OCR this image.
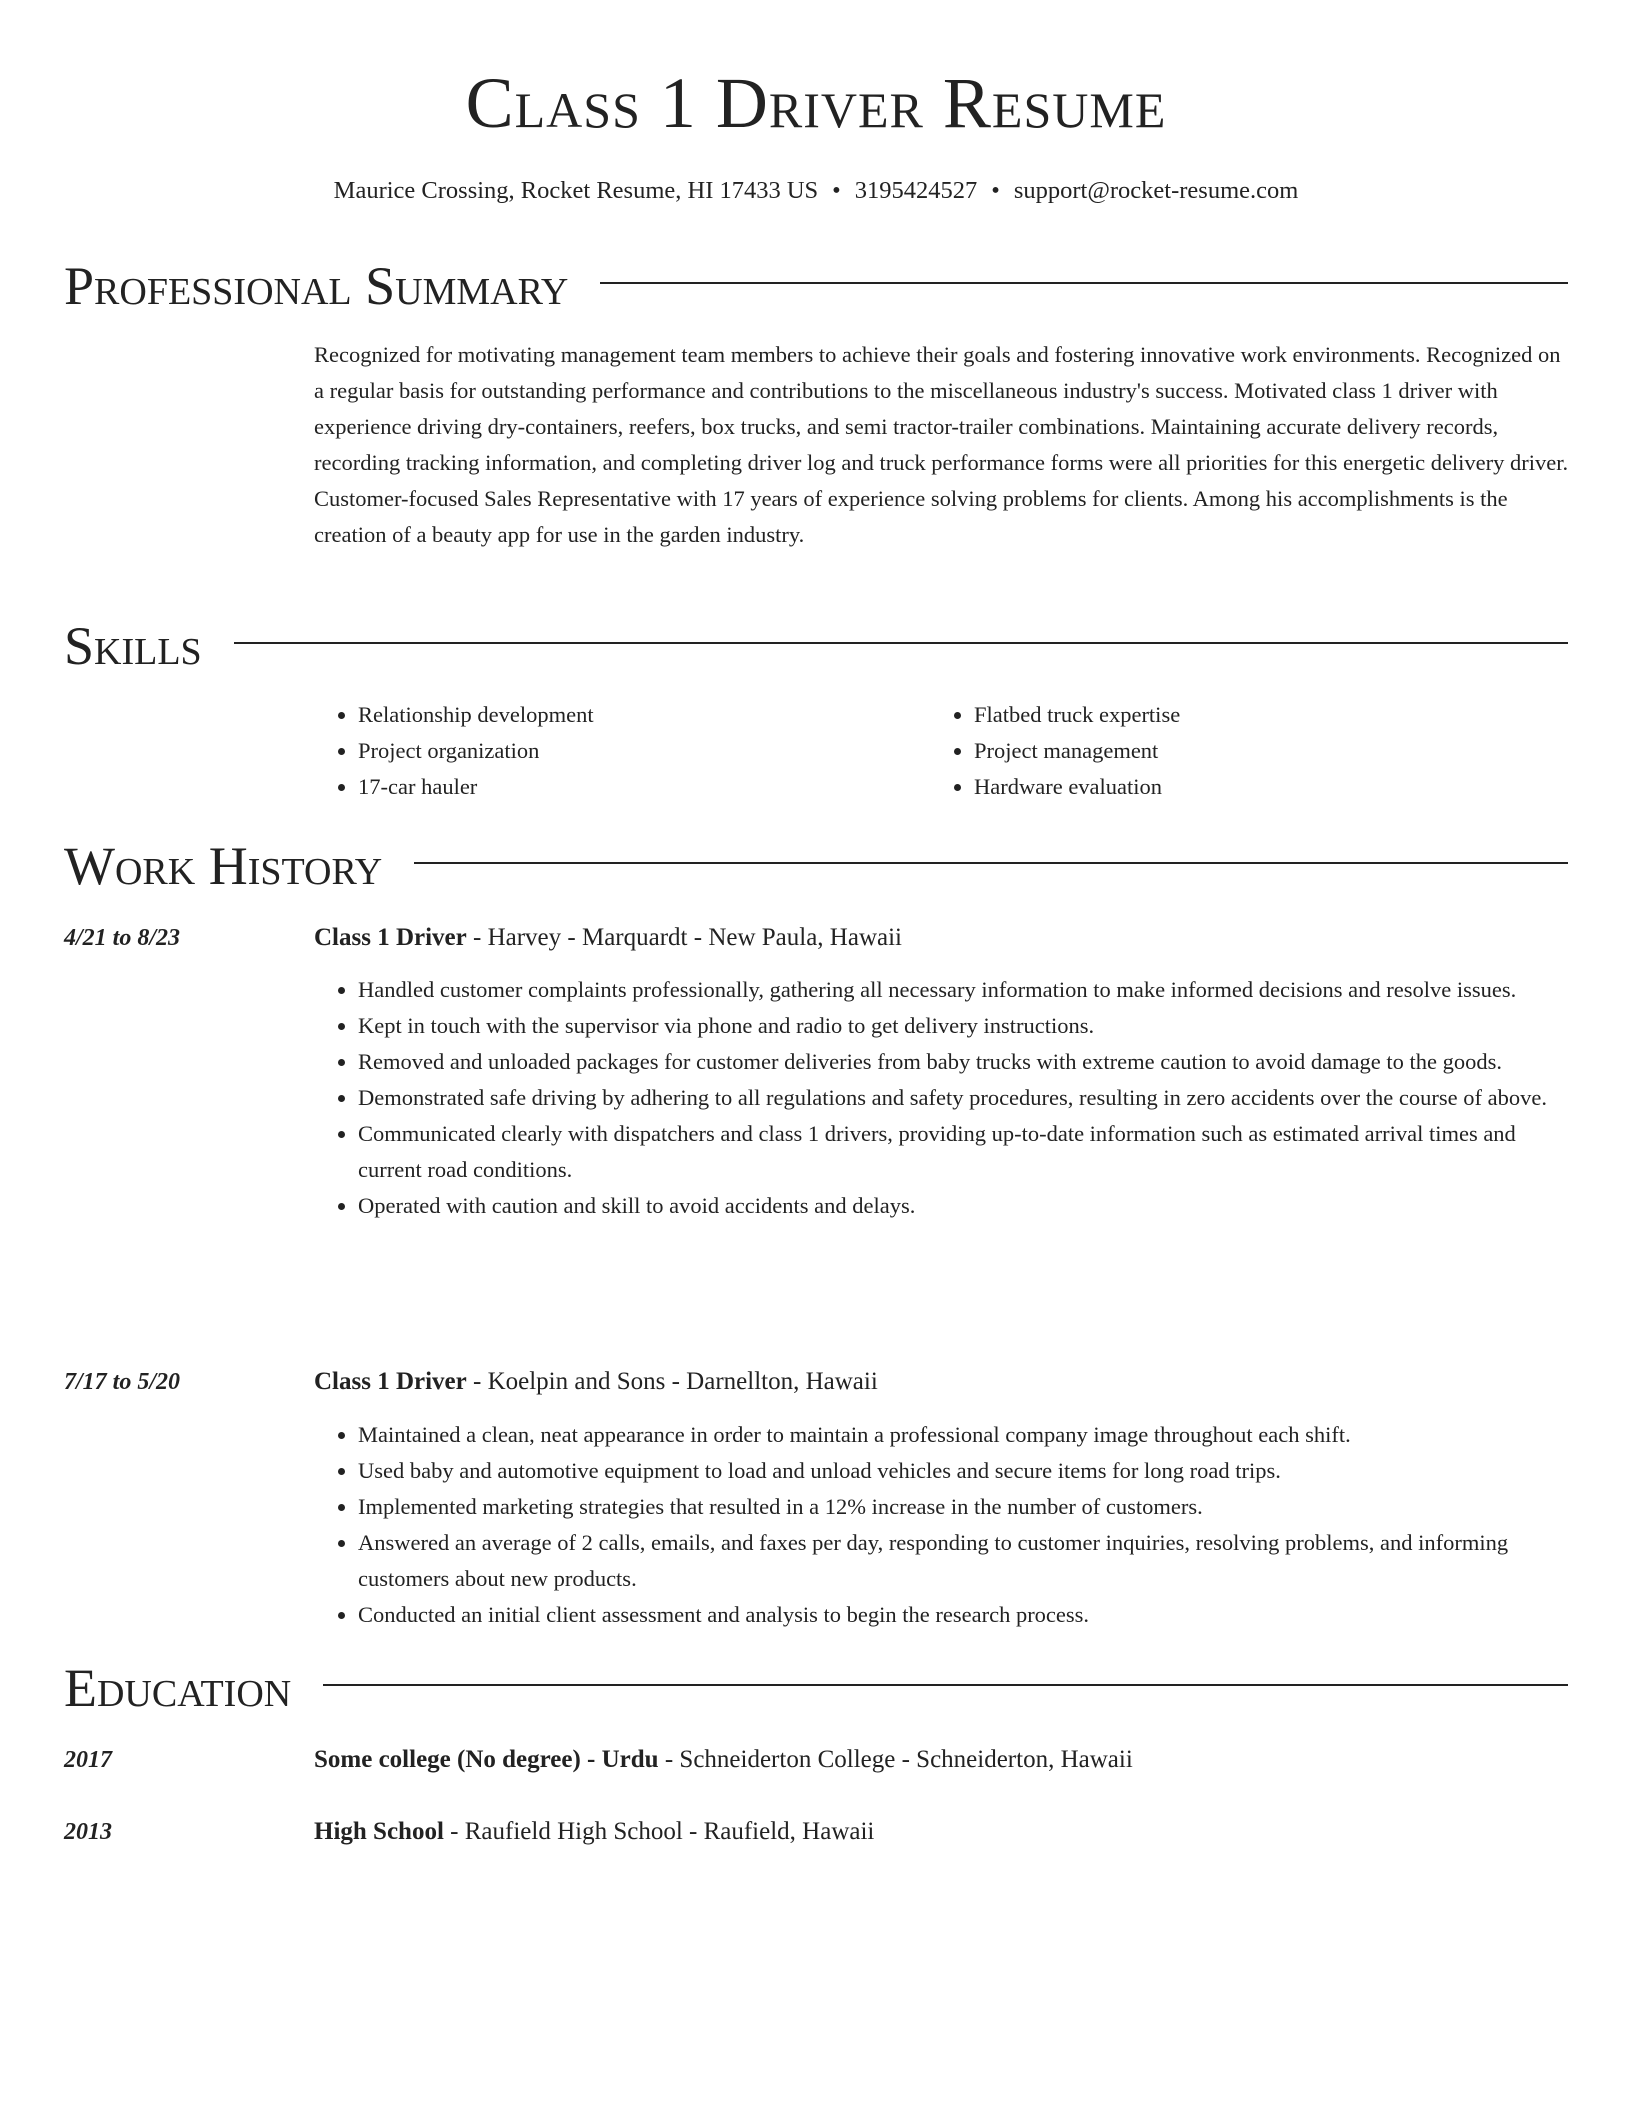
Class 1 Driver Resume
Maurice Crossing, Rocket Resume, HI 17433 US • 3195424527 • support@rocket-resume.com
Professional Summary
Recognized for motivating management team members to achieve their goals and fostering innovative work environments. Recognized on a regular basis for outstanding performance and contributions to the miscellaneous industry's success. Motivated class 1 driver with experience driving dry-containers, reefers, box trucks, and semi tractor-trailer combinations. Maintaining accurate delivery records, recording tracking information, and completing driver log and truck performance forms were all priorities for this energetic delivery driver. Customer-focused Sales Representative with 17 years of experience solving problems for clients. Among his accomplishments is the creation of a beauty app for use in the garden industry.
Skills
• Relationship development
• Project organization
• 17-car hauler
• Flatbed truck expertise
• Project management
• Hardware evaluation
Work History
4/21 to 8/23	Class 1 Driver - Harvey - Marquardt - New Paula, Hawaii
• Handled customer complaints professionally, gathering all necessary information to make informed decisions and resolve issues.
• Kept in touch with the supervisor via phone and radio to get delivery instructions.
• Removed and unloaded packages for customer deliveries from baby trucks with extreme caution to avoid damage to the goods.
• Demonstrated safe driving by adhering to all regulations and safety procedures, resulting in zero accidents over the course of above.
• Communicated clearly with dispatchers and class 1 drivers, providing up-to-date information such as estimated arrival times and current road conditions.
• Operated with caution and skill to avoid accidents and delays.
7/17 to 5/20	Class 1 Driver - Koelpin and Sons - Darnellton, Hawaii
• Maintained a clean, neat appearance in order to maintain a professional company image throughout each shift.
• Used baby and automotive equipment to load and unload vehicles and secure items for long road trips.
• Implemented marketing strategies that resulted in a 12% increase in the number of customers.
• Answered an average of 2 calls, emails, and faxes per day, responding to customer inquiries, resolving problems, and informing customers about new products.
• Conducted an initial client assessment and analysis to begin the research process.
Education
2017	Some college (No degree) - Urdu - Schneiderton College - Schneiderton, Hawaii
2013	High School - Raufield High School - Raufield, Hawaii
